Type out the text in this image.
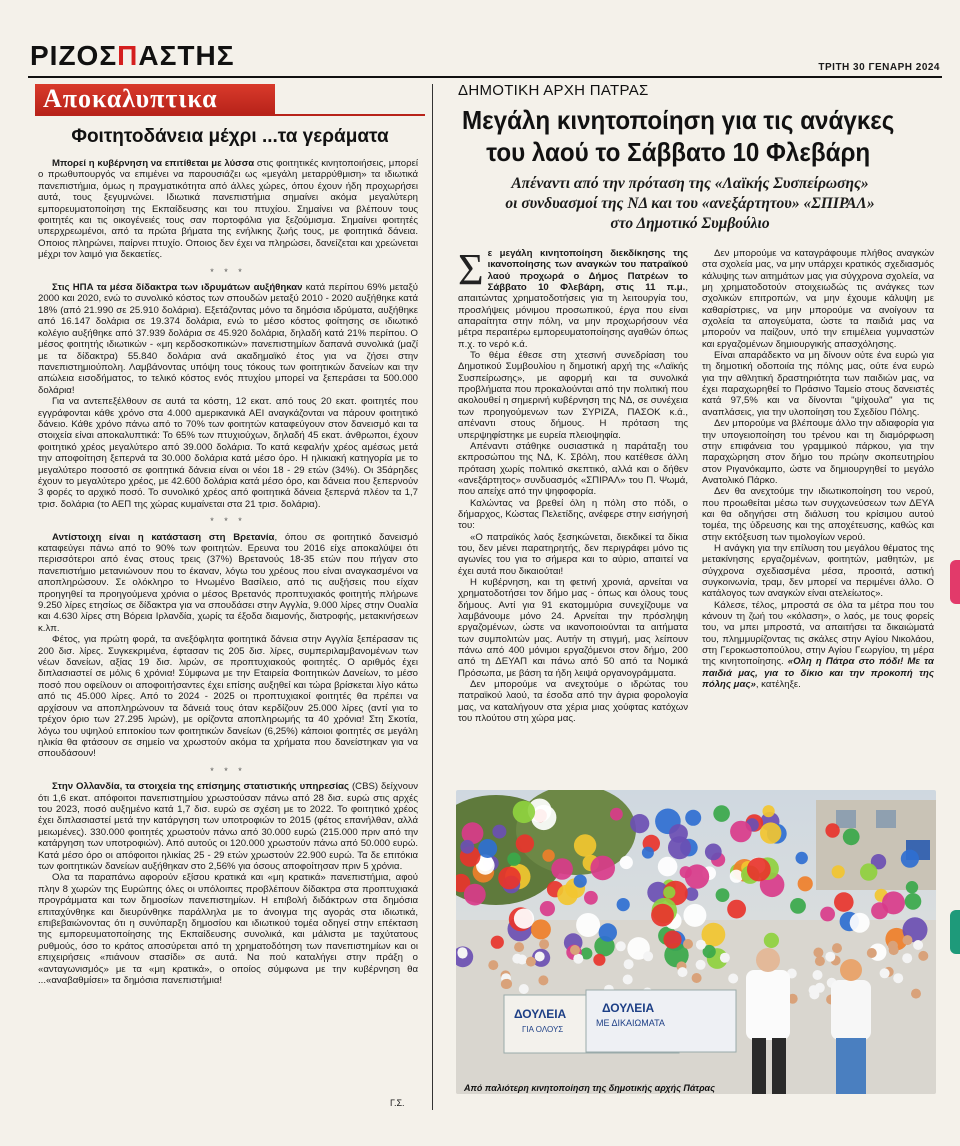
ΡΙΖΟΣΠΑΣΤΗΣ	ΤΡΙΤΗ 30 ΓΕΝΑΡΗ 2024
Αποκαλυπτικα
Φοιτητοδάνεια μέχρι ...τα γεράματα

Μπορεί η κυβέρνηση να επιτίθεται με λύσσα στις φοιτητικές κινητοποιήσεις, μπορεί ο πρωθυπουργός να επιμένει να παρουσιάζει ως «μεγάλη μεταρρύθμιση» τα ιδιωτικά πανεπιστήμια, όμως η πραγματικότητα από άλλες χώρες, όπου έχουν ήδη προχωρήσει αυτά, τους ξεγυμνώνει. Ιδιωτικά πανεπιστήμια σημαίνει ακόμα μεγαλύτερη εμπορευματοποίηση της Εκπαίδευσης και του πτυχίου. Σημαίνει να βλέπουν τους φοιτητές και τις οικογένειές τους σαν πορτοφόλια για ξεζούμισμα. Σημαίνει φοιτητές υπερχρεωμένοι, από τα πρώτα βήματα της ενήλικης ζωής τους, με φοιτητικά δάνεια. Οποιος πληρώνει, παίρνει πτυχίο. Οποιος δεν έχει να πληρώσει, δανείζεται και χρεώνεται μέχρι τον λαιμό για δεκαετίες.

* * *

Στις ΗΠΑ τα μέσα δίδακτρα των ιδρυμάτων αυξήθηκαν κατά περίπου 69% μεταξύ 2000 και 2020, ενώ το συνολικό κόστος των σπουδών μεταξύ 2010 - 2020 αυξήθηκε κατά 18% (από 21.990 σε 25.910 δολάρια). Εξετάζοντας μόνο τα δημόσια ιδρύματα, αυξήθηκε από 16.147 δολάρια σε 19.374 δολάρια, ενώ το μέσο κόστος φοίτησης σε ιδιωτικό κολέγιο αυξήθηκε από 37.939 δολάρια σε 45.920 δολάρια, δηλαδή κατά 21% περίπου. Ο μέσος φοιτητής ιδιωτικών - «μη κερδοσκοπικών» πανεπιστημίων δαπανά συνολικά (μαζί με τα δίδακτρα) 55.840 δολάρια ανά ακαδημαϊκό έτος για να ζήσει στην πανεπιστημιούπολη. Λαμβάνοντας υπόψη τους τόκους των φοιτητικών δανείων και την απώλεια εισοδήματος, το τελικό κόστος ενός πτυχίου μπορεί να ξεπεράσει τα 500.000 δολάρια!

Για να αντεπεξέλθουν σε αυτά τα κόστη, 12 εκατ. από τους 20 εκατ. φοιτητές που εγγράφονται κάθε χρόνο στα 4.000 αμερικανικά ΑΕΙ αναγκάζονται να πάρουν φοιτητικό δάνειο. Κάθε χρόνο πάνω από το 70% των φοιτητών καταφεύγουν στον δανεισμό και τα στοιχεία είναι αποκαλυπτικά: Το 65% των πτυχιούχων, δηλαδή 45 εκατ. άνθρωποι, έχουν φοιτητικό χρέος μεγαλύτερο από 39.000 δολάρια. Το κατά κεφαλήν χρέος αμέσως μετά την αποφοίτηση ξεπερνά τα 30.000 δολάρια κατά μέσο όρο. Η ηλικιακή κατηγορία με το μεγαλύτερο ποσοστό σε φοιτητικά δάνεια είναι οι νέοι 18 - 29 ετών (34%). Οι 35άρηδες έχουν το μεγαλύτερο χρέος, με 42.600 δολάρια κατά μέσο όρο, και δάνεια που ξεπερνούν 3 φορές το αρχικό ποσό. Το συνολικό χρέος από φοιτητικά δάνεια ξεπερνά πλέον τα 1,7 τρισ. δολάρια (το ΑΕΠ της χώρας κυμαίνεται στα 21 τρισ. δολάρια).

* * *

Αντίστοιχη είναι η κατάσταση στη Βρετανία, όπου σε φοιτητικό δανεισμό καταφεύγει πάνω από το 90% των φοιτητών. Ερευνα του 2016 είχε αποκαλύψει ότι περισσότεροι από ένας στους τρεις (37%) Βρετανούς 18-35 ετών που πήγαν στο πανεπιστήμιο μετανιώνουν που το έκαναν, λόγω του χρέους που είναι αναγκασμένοι να αποπληρώσουν. Σε ολόκληρο το Ηνωμένο Βασίλειο, από τις αυξήσεις που είχαν προηγηθεί τα προηγούμενα χρόνια ο μέσος Βρετανός προπτυχιακός φοιτητής πλήρωνε 9.250 λίρες ετησίως σε δίδακτρα για να σπουδάσει στην Αγγλία, 9.000 λίρες στην Ουαλία και 4.630 λίρες στη Βόρεια Ιρλανδία, χωρίς τα έξοδα διαμονής, διατροφής, μετακινήσεων κ.λπ.

Φέτος, για πρώτη φορά, τα ανεξόφλητα φοιτητικά δάνεια στην Αγγλία ξεπέρασαν τις 200 δισ. λίρες. Συγκεκριμένα, έφτασαν τις 205 δισ. λίρες, συμπεριλαμβανομένων των νέων δανείων, αξίας 19 δισ. λιρών, σε προπτυχιακούς φοιτητές. Ο αριθμός έχει διπλασιαστεί σε μόλις 6 χρόνια! Σύμφωνα με την Εταιρεία Φοιτητικών Δανείων, το μέσο ποσό που οφείλουν οι αποφοιτήσαντες έχει επίσης αυξηθεί και τώρα βρίσκεται λίγο κάτω από τις 45.000 λίρες. Από το 2024 - 2025 οι προπτυχιακοί φοιτητές θα πρέπει να αρχίσουν να αποπληρώνουν τα δάνειά τους όταν κερδίζουν 25.000 λίρες (αντί για το τρέχον όριο των 27.295 λιρών), με ορίζοντα αποπληρωμής τα 40 χρόνια! Στη Σκοτία, λόγω του υψηλού επιτοκίου των φοιτητικών δανείων (6,25%) κάποιοι φοιτητές σε μεγάλη ηλικία θα φτάσουν σε σημείο να χρωστούν ακόμα τα χρήματα που δανείστηκαν για να σπουδάσουν!

* * *

Στην Ολλανδία, τα στοιχεία της επίσημης στατιστικής υπηρεσίας (CBS) δείχνουν ότι 1,6 εκατ. απόφοιτοι πανεπιστημίου χρωστούσαν πάνω από 28 δισ. ευρώ στις αρχές του 2023, ποσό αυξημένο κατά 1,7 δισ. ευρώ σε σχέση με το 2022. Το φοιτητικό χρέος έχει διπλασιαστεί μετά την κατάργηση των υποτροφιών το 2015 (φέτος επανήλθαν, αλλά μειωμένες). 330.000 φοιτητές χρωστούν πάνω από 30.000 ευρώ (215.000 πριν από την κατάργηση των υποτροφιών). Από αυτούς οι 120.000 χρωστούν πάνω από 50.000 ευρώ. Κατά μέσο όρο οι απόφοιτοι ηλικίας 25 - 29 ετών χρωστούν 22.900 ευρώ. Τα δε επιτόκια των φοιτητικών δανείων αυξήθηκαν στο 2,56% για όσους αποφοίτησαν πριν 5 χρόνια.

Ολα τα παραπάνω αφορούν εξίσου κρατικά και «μη κρατικά» πανεπιστήμια, αφού πλην 8 χωρών της Ευρώπης όλες οι υπόλοιπες προβλέπουν δίδακτρα στα προπτυχιακά προγράμματα και των δημοσίων πανεπιστημίων. Η επιβολή διδάκτρων στα δημόσια επιταχύνθηκε και διευρύνθηκε παράλληλα με το άνοιγμα της αγοράς στα ιδιωτικά, επιβεβαιώνοντας ότι η συνύπαρξη δημοσίου και ιδιωτικού τομέα οδηγεί στην επέκταση της εμπορευματοποίησης της Εκπαίδευσης συνολικά, και μάλιστα με ταχύτατους ρυθμούς, όσο το κράτος αποσύρεται από τη χρηματοδότηση των πανεπιστημίων και οι επιχειρήσεις «πιάνουν στασίδι» σε αυτά. Να πού καταλήγει στην πράξη ο «ανταγωνισμός» με τα «μη κρατικά», ο οποίος σύμφωνα με την κυβέρνηση θα ...«αναβαθμίσει» τα δημόσια πανεπιστήμια!

Γ.Σ.
ΔΗΜΟΤΙΚΗ ΑΡΧΗ ΠΑΤΡΑΣ
Μεγάλη κινητοποίηση για τις ανάγκες
του λαού το Σάββατο 10 Φλεβάρη
Απέναντι από την πρόταση της «Λαϊκής Συσπείρωσης»
οι συνδυασμοί της ΝΔ και του «ανεξάρτητου» «ΣΠΙΡΑΛ»
στο Δημοτικό Συμβούλιο

Σε μεγάλη κινητοποίηση διεκδίκησης της ικανοποίησης των αναγκών του πατραϊκού λαού προχωρά ο Δήμος Πατρέων το Σάββατο 10 Φλεβάρη, στις 11 π.μ., απαιτώντας χρηματοδοτήσεις για τη λειτουργία του, προσλήψεις μόνιμου προσωπικού, έργα που είναι απαραίτητα στην πόλη, να μην προχωρήσουν νέα μέτρα περαιτέρω εμπορευματοποίησης αγαθών όπως π.χ. το νερό κ.ά.

Το θέμα έθεσε στη χτεσινή συνεδρίαση του Δημοτικού Συμβουλίου η δημοτική αρχή της «Λαϊκής Συσπείρωσης», με αφορμή και τα συνολικά προβλήματα που προκαλούνται από την πολιτική που ακολουθεί η σημερινή κυβέρνηση της ΝΔ, σε συνέχεια των προηγούμενων των ΣΥΡΙΖΑ, ΠΑΣΟΚ κ.ά., απέναντι στους δήμους. Η πρόταση της υπερψηφίστηκε με ευρεία πλειοψηφία.

Απέναντι στάθηκε ουσιαστικά η παράταξη του εκπροσώπου της ΝΔ, Κ. Σβόλη, που κατέθεσε άλλη πρόταση χωρίς πολιτικό σκεπτικό, αλλά και ο δήθεν «ανεξάρτητος» συνδυασμός «ΣΠΙΡΑΛ» του Π. Ψωμά, που απείχε από την ψηφοφορία.

Καλώντας να βρεθεί όλη η πόλη στο πόδι, ο δήμαρχος, Κώστας Πελετίδης, ανέφερε στην εισήγησή του:

«Ο πατραϊκός λαός ξεσηκώνεται, διεκδικεί τα δίκια του, δεν μένει παρατηρητής, δεν περιγράφει μόνο τις αγωνίες του για το σήμερα και το αύριο, απαιτεί να έχει αυτά που δικαιούται!

Η κυβέρνηση, και τη φετινή χρονιά, αρνείται να χρηματοδοτήσει τον δήμο μας - όπως και όλους τους δήμους. Αντί για 91 εκατομμύρια συνεχίζουμε να λαμβάνουμε μόνο 24. Αρνείται την πρόσληψη εργαζομένων, ώστε να ικανοποιούνται τα αιτήματα των συμπολιτών μας. Αυτήν τη στιγμή, μας λείπουν πάνω από 400 μόνιμοι εργαζόμενοι στον δήμο, 200 από τη ΔΕΥΑΠ και πάνω από 50 από τα Νομικά Πρόσωπα, με βάση τα ήδη λειψά οργανογράμματα.

Δεν μπορούμε να ανεχτούμε ο ιδρώτας του πατραϊκού λαού, τα έσοδα από την άγρια φορολογία μας, να καταλήγουν στα χέρια μιας χούφτας κατόχων του πλούτου στη χώρα μας.

Δεν μπορούμε να καταγράφουμε πλήθος αναγκών στα σχολεία μας, να μην υπάρχει κρατικός σχεδιασμός κάλυψης των αιτημάτων μας για σύγχρονα σχολεία, να μη χρηματοδοτούν στοιχειωδώς τις ανάγκες των σχολικών επιτροπών, να μην έχουμε κάλυψη με καθαρίστριες, να μην μπορούμε να ανοίγουν τα σχολεία τα απογεύματα, ώστε τα παιδιά μας να μπορούν να παίζουν, υπό την επιμέλεια γυμναστών και εργαζομένων δημιουργικής απασχόλησης.

Είναι απαράδεκτο να μη δίνουν ούτε ένα ευρώ για τη δημοτική οδοποιία της πόλης μας, ούτε ένα ευρώ για την αθλητική δραστηριότητα των παιδιών μας, να έχει παραχωρηθεί το Πράσινο Ταμείο στους δανειστές κατά 97,5% και να δίνονται "ψίχουλα" για τις αναπλάσεις, για την υλοποίηση του Σχεδίου Πόλης.

Δεν μπορούμε να βλέπουμε άλλο την αδιαφορία για την υπογειοποίηση του τρένου και τη διαμόρφωση στην επιφάνεια του γραμμικού πάρκου, για την παραχώρηση στον δήμο του πρώην σκοπευτηρίου στον Ριγανόκαμπο, ώστε να δημιουργηθεί το μεγάλο Ανατολικό Πάρκο.

Δεν θα ανεχτούμε την ιδιωτικοποίηση του νερού, που προωθείται μέσω των συγχωνεύσεων των ΔΕΥΑ και θα οδηγήσει στη διάλυση του κρίσιμου αυτού τομέα, της ύδρευσης και της αποχέτευσης, καθώς και στην εκτόξευση των τιμολογίων νερού.

Η ανάγκη για την επίλυση του μεγάλου θέματος της μετακίνησης εργαζομένων, φοιτητών, μαθητών, με σύγχρονα σχεδιασμένα μέσα, προσιτά, αστική συγκοινωνία, τραμ, δεν μπορεί να περιμένει άλλο. Ο κατάλογος των αναγκών είναι ατελείωτος».

Κάλεσε, τέλος, μπροστά σε όλα τα μέτρα που του κάνουν τη ζωή του «κόλαση», ο λαός, με τους φορείς του, να μπει μπροστά, να απαιτήσει τα δικαιώματά του, πλημμυρίζοντας τις σκάλες στην Αγίου Νικολάου, στη Γεροκωστοπούλου, στην Αγίου Γεωργίου, τη μέρα της κινητοποίησης. «Ολη η Πάτρα στο πόδι! Με τα παιδιά μας, για το δίκιο και την προκοπή της πόλης μας», κατέληξε.

ΔΟΥΛΕΙΑ
ΓΙΑ ΟΛΟΥΣ
ΔΟΥΛΕΙΑ
ΜΕ ΔΙΚΑΙΩΜΑΤΑ
Από παλιότερη κινητοποίηση της δημοτικής αρχής Πάτρας
